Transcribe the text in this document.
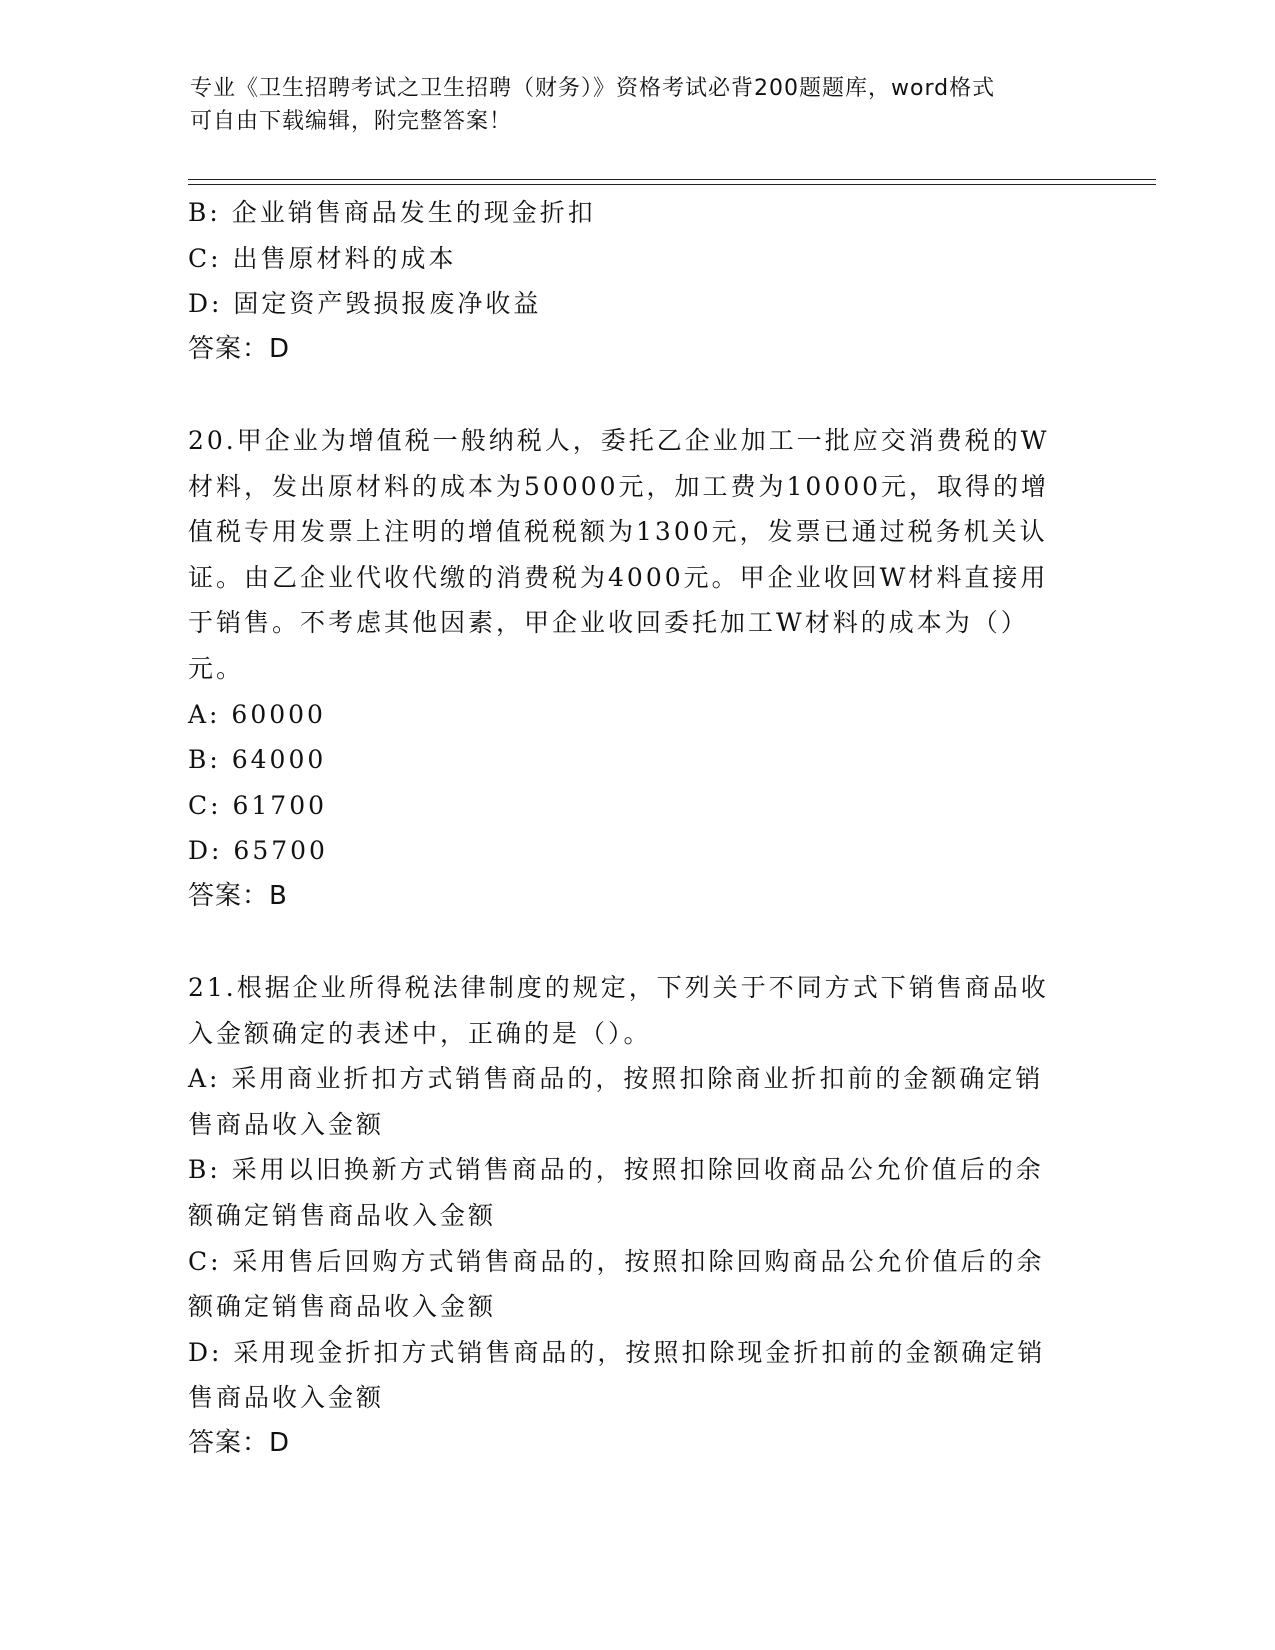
专业《卫生招聘考试之卫生招聘（财务）》资格考试必背200题题库，word格式
可自由下载编辑，附完整答案！
B: 企业销售商品发生的现金折扣
C: 出售原材料的成本
D: 固定资产毁损报废净收益
答案：D
20.甲企业为增值税一般纳税人，委托乙企业加工一批应交消费税的W
材料，发出原材料的成本为50000元，加工费为10000元，取得的增
值税专用发票上注明的增值税税额为1300元，发票已通过税务机关认
证。由乙企业代收代缴的消费税为4000元。甲企业收回W材料直接用
于销售。不考虑其他因素，甲企业收回委托加工W材料的成本为（）
元。
A: 60000
B: 64000
C: 61700
D: 65700
答案：B
21.根据企业所得税法律制度的规定，下列关于不同方式下销售商品收
入金额确定的表述中，正确的是（）。
A: 采用商业折扣方式销售商品的，按照扣除商业折扣前的金额确定销
售商品收入金额
B: 采用以旧换新方式销售商品的，按照扣除回收商品公允价值后的余
额确定销售商品收入金额
C: 采用售后回购方式销售商品的，按照扣除回购商品公允价值后的余
额确定销售商品收入金额
D: 采用现金折扣方式销售商品的，按照扣除现金折扣前的金额确定销
售商品收入金额
答案：D
